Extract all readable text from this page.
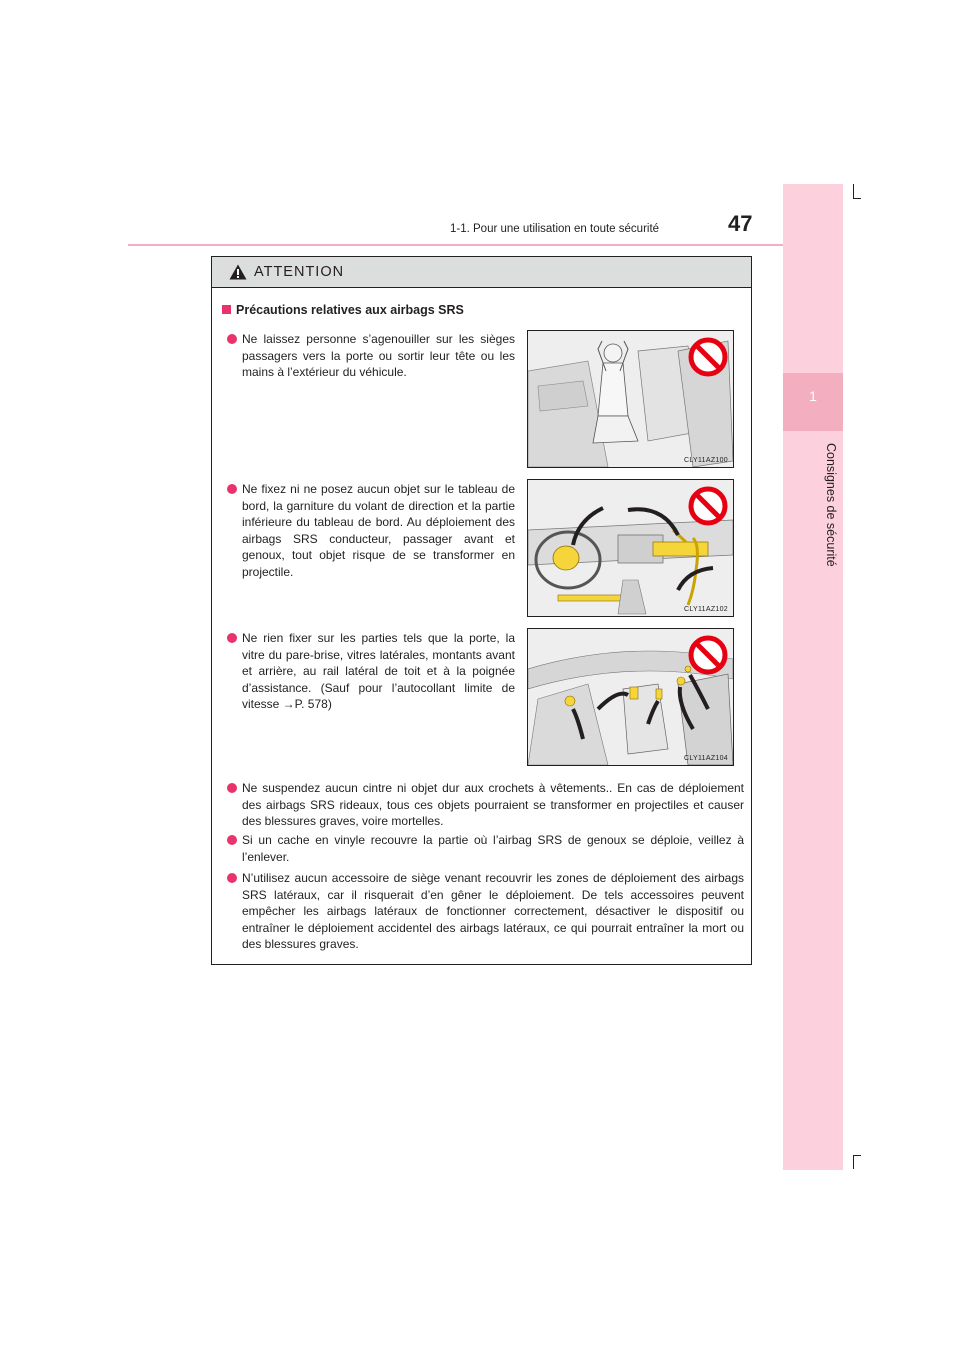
1-1. Pour une utilisation en toute sécurité	47
1
Consignes de sécurité
ATTENTION
Précautions relatives aux airbags SRS
Ne laissez personne s’agenouiller sur les sièges passagers vers la porte ou sortir leur tête ou les mains à l’extérieur du véhicule.
CLY11AZ100
Ne fixez ni ne posez aucun objet sur le tableau de bord, la garniture du volant de direction et la partie inférieure du tableau de bord. Au déploiement des airbags SRS conducteur, passager avant et genoux, tout objet risque de se transformer en projectile.
CLY11AZ102
Ne rien fixer sur les parties tels que la porte, la vitre du pare-brise, vitres latérales, montants avant et arrière, au rail latéral de toit et à la poignée d’assistance. (Sauf pour l’autocollant limite de vitesse →P. 578)
CLY11AZ104
Ne suspendez aucun cintre ni objet dur aux crochets à vêtements.. En cas de déploiement des airbags SRS rideaux, tous ces objets pourraient se transformer en projectiles et causer des blessures graves, voire mortelles.
Si un cache en vinyle recouvre la partie où l’airbag SRS de genoux se déploie, veillez à l’enlever.
N’utilisez aucun accessoire de siège venant recouvrir les zones de déploiement des airbags SRS latéraux, car il risquerait d’en gêner le déploiement. De tels accessoires peuvent empêcher les airbags latéraux de fonctionner correctement, désactiver le dispositif ou entraîner le déploiement accidentel des airbags latéraux, ce qui pourrait entraîner la mort ou des blessures graves.
